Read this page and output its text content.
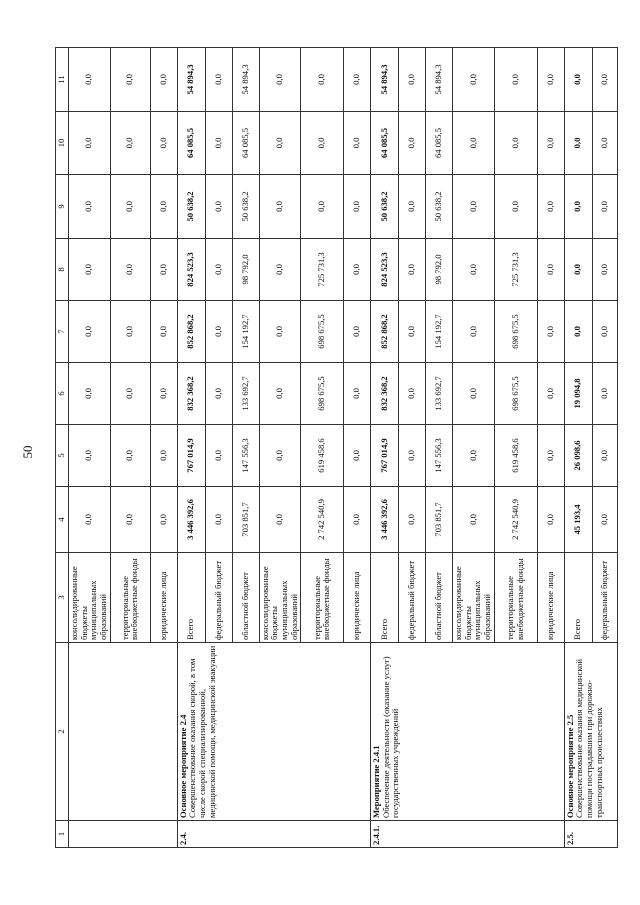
50
1	2	3	4	5	6	7	8	9	10	11
		консолидированные бюджеты муниципальных образований	0,0	0,0	0,0	0,0	0,0	0,0	0,0	0,0
		территориальные внебюджетные фонды	0,0	0,0	0,0	0,0	0,0	0,0	0,0	0,0
		юридические лица	0,0	0,0	0,0	0,0	0,0	0,0	0,0	0,0
2.4.	Основное мероприятие 2.4 Совершенствование оказания скорой, в том числе скорой специализированной, медицинской помощи, медицинской эвакуации	Всего	3 446 392,6	767 014,9	832 368,2	852 868,2	824 523,3	50 638,2	64 085,5	54 894,3
		федеральный бюджет	0,0	0,0	0,0	0,0	0,0	0,0	0,0	0,0
		областной бюджет	703 851,7	147 556,3	133 692,7	154 192,7	98 792,0	50 638,2	64 085,5	54 894,3
		консолидированные бюджеты муниципальных образований	0,0	0,0	0,0	0,0	0,0	0,0	0,0	0,0
		территориальные внебюджетные фонды	2 742 540,9	619 458,6	698 675,5	698 675,5	725 731,3	0,0	0,0	0,0
		юридические лица	0,0	0,0	0,0	0,0	0,0	0,0	0,0	0,0
2.4.1.	Мероприятие 2.4.1 Обеспечение деятельности (оказание услуг) государственных учреждений	Всего	3 446 392,6	767 014,9	832 368,2	852 868,2	824 523,3	50 638,2	64 085,5	54 894,3
		федеральный бюджет	0,0	0,0	0,0	0,0	0,0	0,0	0,0	0,0
		областной бюджет	703 851,7	147 556,3	133 692,7	154 192,7	98 792,0	50 638,2	64 085,5	54 894,3
		консолидированные бюджеты муниципальных образований	0,0	0,0	0,0	0,0	0,0	0,0	0,0	0,0
		территориальные внебюджетные фонды	2 742 540,9	619 458,6	698 675,5	698 675,5	725 731,3	0,0	0,0	0,0
		юридические лица	0,0	0,0	0,0	0,0	0,0	0,0	0,0	0,0
2.5.	Основное мероприятие 2.5 Совершенствование оказания медицинской помощи пострадавшим при дорожно-транспортных происшествиях	Всего	45 193,4	26 098,6	19 094,8	0,0	0,0	0,0	0,0	0,0
		федеральный бюджет	0,0	0,0	0,0	0,0	0,0	0,0	0,0	0,0
